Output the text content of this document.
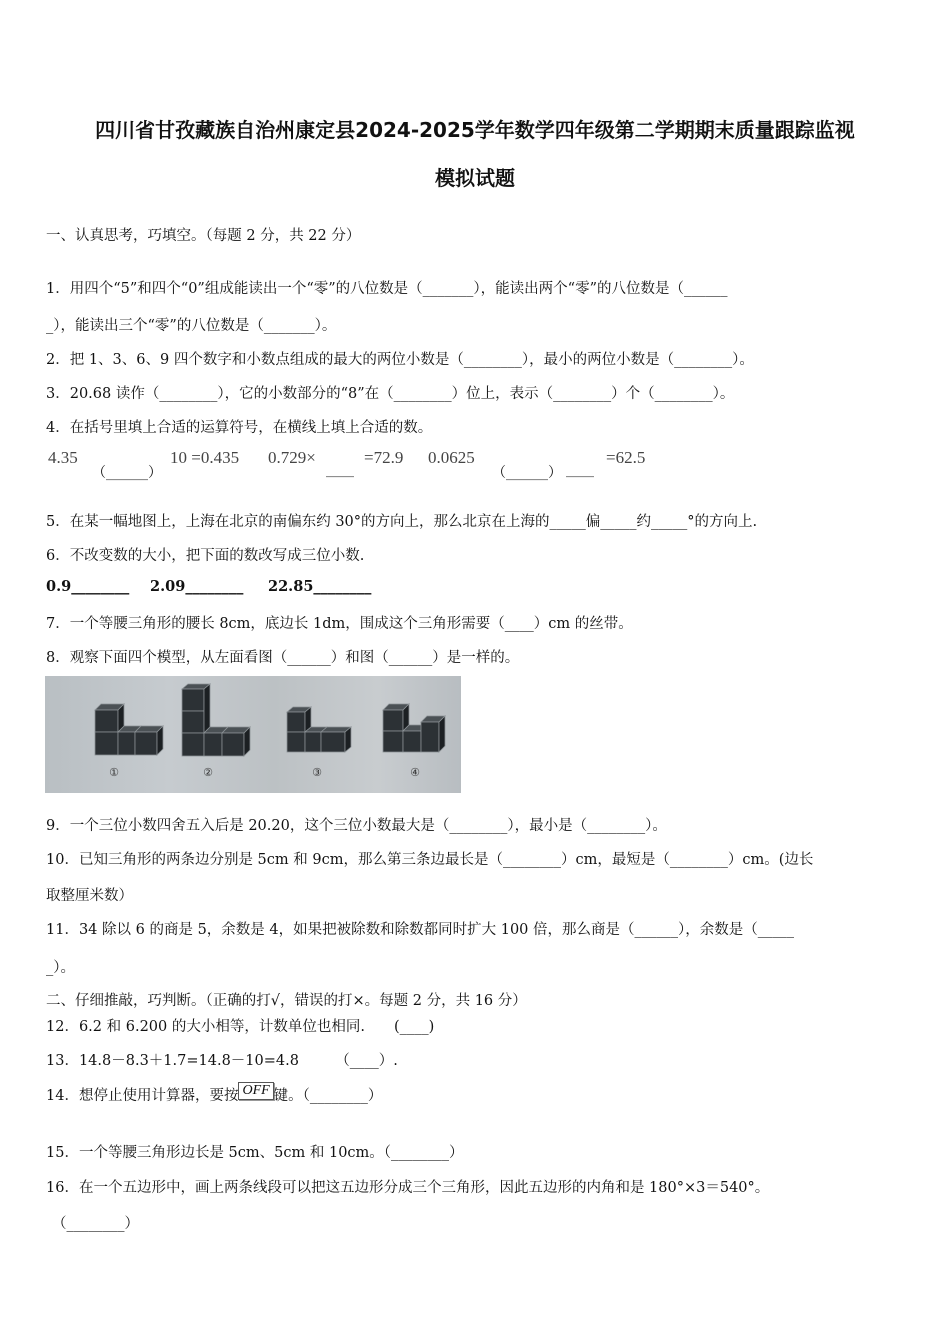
四川省甘孜藏族自治州康定县2024-2025学年数学四年级第二学期期末质量跟踪监视
模拟试题
一、认真思考，巧填空。（每题 2 分，共 22 分）
1．用四个“5”和四个“0”组成能读出一个“零”的八位数是（_______），能读出两个“零”的八位数是（______
_），能读出三个“零”的八位数是（_______）。
2．把 1、3、6、9 四个数字和小数点组成的最大的两位小数是（________），最小的两位小数是（________）。
3．20.68 读作（________），它的小数部分的“8”在（________）位上，表示（________）个（________）。
4．在括号里填上合适的运算符号，在横线上填上合适的数。
4.35
（______）
10 =0.435 0.729×
____
=72.9 0.0625
（______） ____
=62.5
5．在某一幅地图上，上海在北京的南偏东约 30°的方向上，那么北京在上海的_____偏_____约_____°的方向上.
6．不改变数的大小，把下面的数改写成三位小数.
0.9________ 2.09________ 22.85________
7．一个等腰三角形的腰长 8cm，底边长 1dm，围成这个三角形需要（____）cm 的丝带。
8．观察下面四个模型，从左面看图（______）和图（______）是一样的。
①	②	③	④
9．一个三位小数四舍五入后是 20.20，这个三位小数最大是（________），最小是（________）。
10．已知三角形的两条边分别是 5cm 和 9cm，那么第三条边最长是（________）cm，最短是（________）cm。(边长
取整厘米数）
11．34 除以 6 的商是 5，余数是 4，如果把被除数和除数都同时扩大 100 倍，那么商是（______），余数是（_____
_）。
二、仔细推敲，巧判断。（正确的打√，错误的打×。每题 2 分，共 16 分）
12．6.2 和 6.200 的大小相等，计数单位也相同.　　(____)
13．14.8－8.3＋1.7=14.8－10=4.8　　　（____）.
14．想停止使用计算器，要按 OFF 键。（________）
15．一个等腰三角形边长是 5cm、5cm 和 10cm。（________）
16．在一个五边形中，画上两条线段可以把这五边形分成三个三角形，因此五边形的内角和是 180°×3＝540°。
（________）
